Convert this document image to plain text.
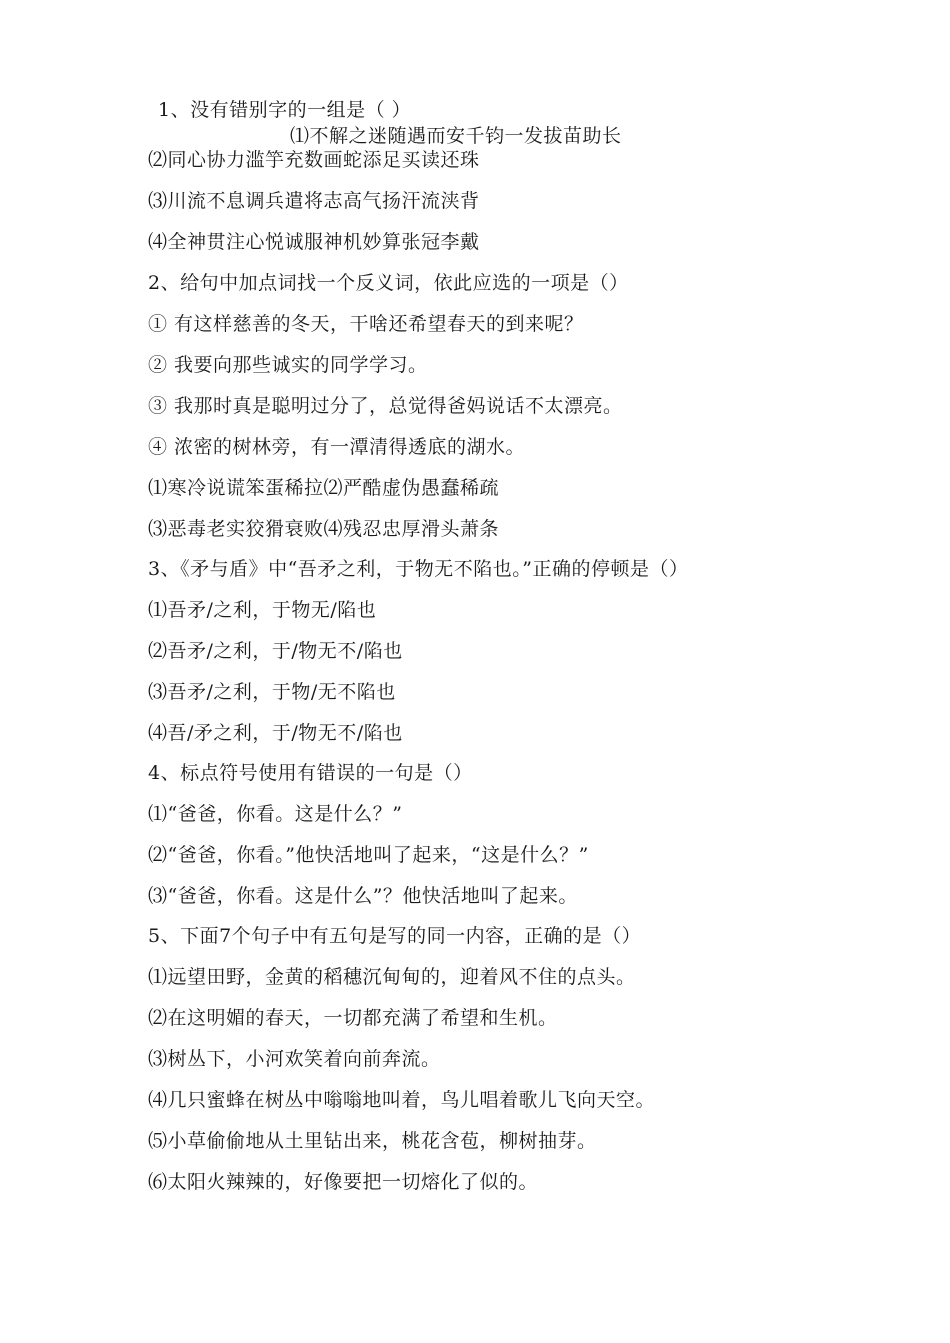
1、没有错别字的一组是（ ）
⑴不解之迷随遇而安千钧一发拔苗助长
⑵同心协力滥竽充数画蛇添足买读还珠
⑶川流不息调兵遣将志高气扬汗流浃背
⑷全神贯注心悦诚服神机妙算张冠李戴
2、给句中加点词找一个反义词，依此应选的一项是（）
① 有这样慈善的冬天，干啥还希望春天的到来呢？
② 我要向那些诚实的同学学习。
③ 我那时真是聪明过分了，总觉得爸妈说话不太漂亮。
④ 浓密的树林旁，有一潭清得透底的湖水。
⑴寒冷说谎笨蛋稀拉⑵严酷虚伪愚蠢稀疏
⑶恶毒老实狡猾衰败⑷残忍忠厚滑头萧条
3、《矛与盾》中“吾矛之利，于物无不陷也。”正确的停顿是（）
⑴吾矛/之利，于物无/陷也
⑵吾矛/之利，于/物无不/陷也
⑶吾矛/之利，于物/无不陷也
⑷吾/矛之利，于/物无不/陷也
4、标点符号使用有错误的一句是（）
⑴“爸爸，你看。这是什么？”
⑵“爸爸，你看。”他快活地叫了起来，“这是什么？”
⑶“爸爸，你看。这是什么”？他快活地叫了起来。
5、下面7个句子中有五句是写的同一内容，正确的是（）
⑴远望田野，金黄的稻穗沉甸甸的，迎着风不住的点头。
⑵在这明媚的春天，一切都充满了希望和生机。
⑶树丛下，小河欢笑着向前奔流。
⑷几只蜜蜂在树丛中嗡嗡地叫着，鸟儿唱着歌儿飞向天空。
⑸小草偷偷地从土里钻出来，桃花含苞，柳树抽芽。
⑹太阳火辣辣的，好像要把一切熔化了似的。
